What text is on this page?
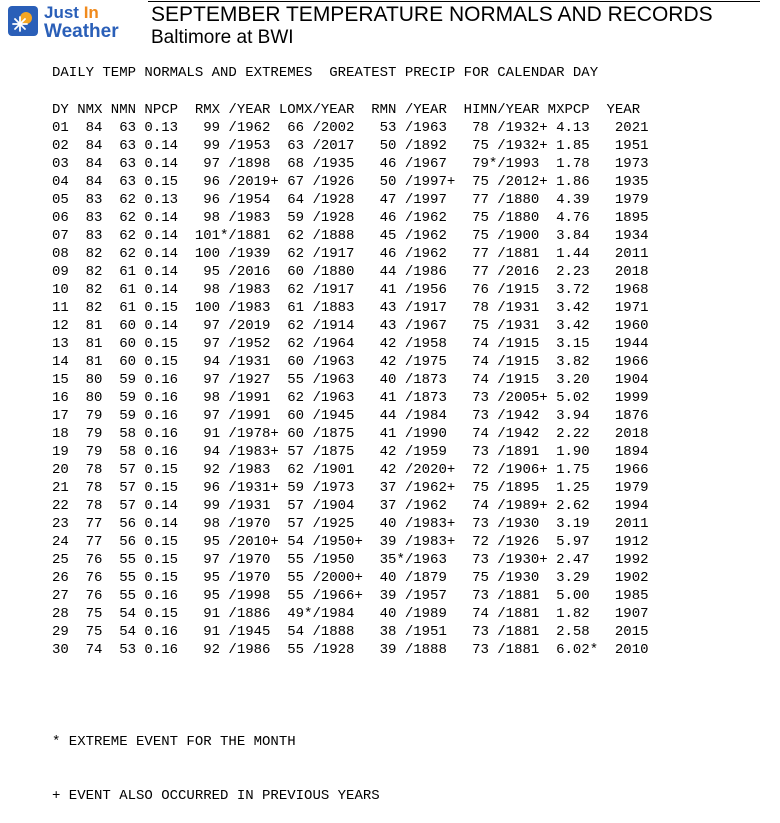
Just In
Weather
SEPTEMBER TEMPERATURE NORMALS AND RECORDS
Baltimore at BWI
DAILY TEMP NORMALS AND EXTREMES  GREATEST PRECIP FOR CALENDAR DAY
DY NMX NMN NPCP  RMX /YEAR LOMX/YEAR  RMN /YEAR  HIMN/YEAR MXPCP  YEAR
01  84  63 0.13   99 /1962  66 /2002   53 /1963   78 /1932+ 4.13   2021
02  84  63 0.14   99 /1953  63 /2017   50 /1892   75 /1932+ 1.85   1951
03  84  63 0.14   97 /1898  68 /1935   46 /1967   79*/1993  1.78   1973
04  84  63 0.15   96 /2019+ 67 /1926   50 /1997+  75 /2012+ 1.86   1935
05  83  62 0.13   96 /1954  64 /1928   47 /1997   77 /1880  4.39   1979
06  83  62 0.14   98 /1983  59 /1928   46 /1962   75 /1880  4.76   1895
07  83  62 0.14  101*/1881  62 /1888   45 /1962   75 /1900  3.84   1934
08  82  62 0.14  100 /1939  62 /1917   46 /1962   77 /1881  1.44   2011
09  82  61 0.14   95 /2016  60 /1880   44 /1986   77 /2016  2.23   2018
10  82  61 0.14   98 /1983  62 /1917   41 /1956   76 /1915  3.72   1968
11  82  61 0.15  100 /1983  61 /1883   43 /1917   78 /1931  3.42   1971
12  81  60 0.14   97 /2019  62 /1914   43 /1967   75 /1931  3.42   1960
13  81  60 0.15   97 /1952  62 /1964   42 /1958   74 /1915  3.15   1944
14  81  60 0.15   94 /1931  60 /1963   42 /1975   74 /1915  3.82   1966
15  80  59 0.16   97 /1927  55 /1963   40 /1873   74 /1915  3.20   1904
16  80  59 0.16   98 /1991  62 /1963   41 /1873   73 /2005+ 5.02   1999
17  79  59 0.16   97 /1991  60 /1945   44 /1984   73 /1942  3.94   1876
18  79  58 0.16   91 /1978+ 60 /1875   41 /1990   74 /1942  2.22   2018
19  79  58 0.16   94 /1983+ 57 /1875   42 /1959   73 /1891  1.90   1894
20  78  57 0.15   92 /1983  62 /1901   42 /2020+  72 /1906+ 1.75   1966
21  78  57 0.15   96 /1931+ 59 /1973   37 /1962+  75 /1895  1.25   1979
22  78  57 0.14   99 /1931  57 /1904   37 /1962   74 /1989+ 2.62   1994
23  77  56 0.14   98 /1970  57 /1925   40 /1983+  73 /1930  3.19   2011
24  77  56 0.15   95 /2010+ 54 /1950+  39 /1983+  72 /1926  5.97   1912
25  76  55 0.15   97 /1970  55 /1950   35*/1963   73 /1930+ 2.47   1992
26  76  55 0.15   95 /1970  55 /2000+  40 /1879   75 /1930  3.29   1902
27  76  55 0.16   95 /1998  55 /1966+  39 /1957   73 /1881  5.00   1985
28  75  54 0.15   91 /1886  49*/1984   40 /1989   74 /1881  1.82   1907
29  75  54 0.16   91 /1945  54 /1888   38 /1951   73 /1881  2.58   2015
30  74  53 0.16   92 /1986  55 /1928   39 /1888   73 /1881  6.02*  2010

* EXTREME EVENT FOR THE MONTH

+ EVENT ALSO OCCURRED IN PREVIOUS YEARS
